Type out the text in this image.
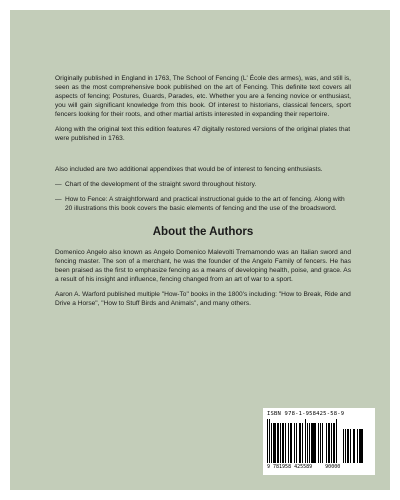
Originally published in England in 1763, The School of Fencing (L' École des armes), was, and still is, seen as the most comprehensive book published on the art of Fencing. This definite text covers all aspects of fencing; Postures, Guards, Parades, etc. Whether you are a fencing novice or enthusiast, you will gain significant knowledge from this book. Of interest to historians, classical fencers, sport fencers looking for their roots, and other martial artists interested in expanding their repertoire.

Along with the original text this edition features 47 digitally restored versions of the original plates that were published in 1763.

Also included are two additional appendixes that would be of interest to fencing enthusiasts.

— Chart of the development of the straight sword throughout history.
— How to Fence: A straightforward and practical instructional guide to the art of fencing. Along with 20 illustrations this book covers the basic elements of fencing and the use of the broadsword.
About the Authors

Domenico Angelo also known as Angelo Domenico Malevolti Tremamondo was an Italian sword and fencing master. The son of a merchant, he was the founder of the Angelo Family of fencers. He has been praised as the first to emphasize fencing as a means of developing health, poise, and grace. As a result of his insight and influence, fencing changed from an art of war to a sport.

Aaron A. Warford published multiple "How-To" books in the 1800's including: "How to Break, Ride and Drive a Horse", "How to Stuff Birds and Animals", and many others.

ISBN 978-1-958425-58-9
9 781958 425589	90000
